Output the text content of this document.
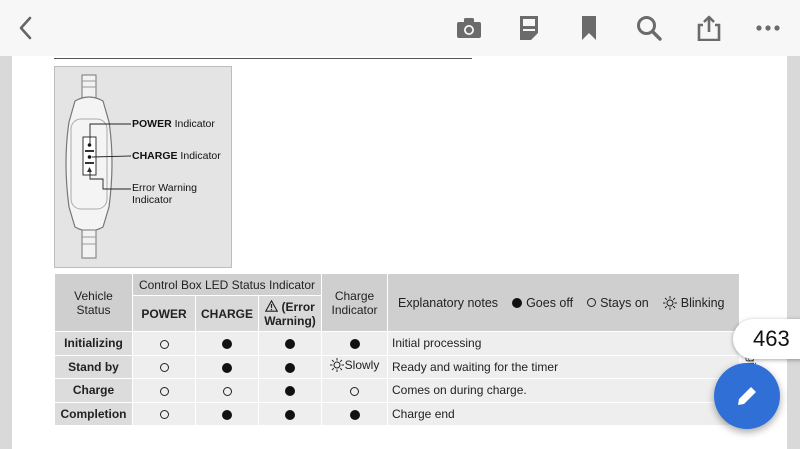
POWER Indicator
CHARGE Indicator
Error Warning
Indicator
Vehicle Status	Control Box LED Status Indicator			Charge Indicator	Explanatory notes Goes off Stays on Blinking

	POWER	CHARGE	(Error Warning)		
Initializing					Initial processing
Stand by				Slowly	Ready and waiting for the timer
Charge					Comes on during charge.
Completion					Charge end
463
